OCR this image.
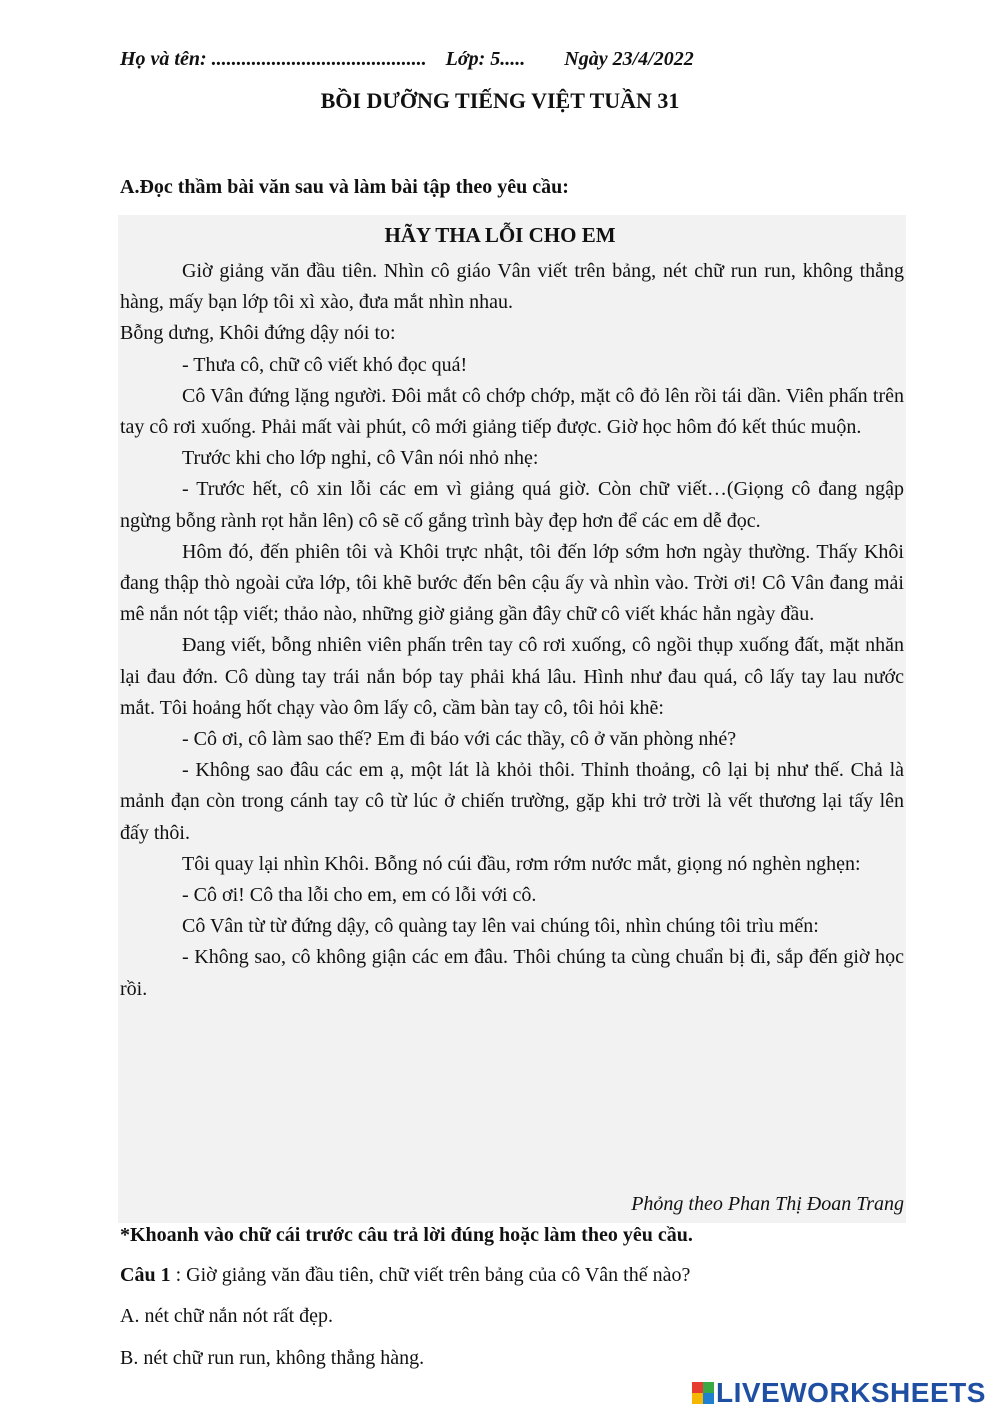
Họ và tên: ........................................... Lớp: 5..... Ngày 23/4/2022
BỒI DƯỠNG TIẾNG VIỆT TUẦN 31
A.Đọc thầm bài văn sau và làm bài tập theo yêu cầu:
HÃY THA LỖI CHO EM

Giờ giảng văn đầu tiên. Nhìn cô giáo Vân viết trên bảng, nét chữ run run, không thẳng hàng, mấy bạn lớp tôi xì xào, đưa mắt nhìn nhau.

Bỗng dưng, Khôi đứng dậy nói to:

- Thưa cô, chữ cô viết khó đọc quá!

Cô Vân đứng lặng người. Đôi mắt cô chớp chớp, mặt cô đỏ lên rồi tái dần. Viên phấn trên tay cô rơi xuống. Phải mất vài phút, cô mới giảng tiếp được. Giờ học hôm đó kết thúc muộn.

Trước khi cho lớp nghỉ, cô Vân nói nhỏ nhẹ:

- Trước hết, cô xin lỗi các em vì giảng quá giờ. Còn chữ viết…(Giọng cô đang ngập ngừng bỗng rành rọt hẳn lên) cô sẽ cố gắng trình bày đẹp hơn để các em dễ đọc.

Hôm đó, đến phiên tôi và Khôi trực nhật, tôi đến lớp sớm hơn ngày thường. Thấy Khôi đang thập thò ngoài cửa lớp, tôi khẽ bước đến bên cậu ấy và nhìn vào. Trời ơi! Cô Vân đang mải mê nắn nót tập viết; thảo nào, những giờ giảng gần đây chữ cô viết khác hẳn ngày đầu.

Đang viết, bỗng nhiên viên phấn trên tay cô rơi xuống, cô ngồi thụp xuống đất, mặt nhăn lại đau đớn. Cô dùng tay trái nắn bóp tay phải khá lâu. Hình như đau quá, cô lấy tay lau nước mắt. Tôi hoảng hốt chạy vào ôm lấy cô, cầm bàn tay cô, tôi hỏi khẽ:

- Cô ơi, cô làm sao thế? Em đi báo với các thầy, cô ở văn phòng nhé?

- Không sao đâu các em ạ, một lát là khỏi thôi. Thỉnh thoảng, cô lại bị như thế. Chả là mảnh đạn còn trong cánh tay cô từ lúc ở chiến trường, gặp khi trở trời là vết thương lại tấy lên đấy thôi.

Tôi quay lại nhìn Khôi. Bỗng nó cúi đầu, rơm rớm nước mắt, giọng nó nghèn nghẹn:

- Cô ơi! Cô tha lỗi cho em, em có lỗi với cô.

Cô Vân từ từ đứng dậy, cô quàng tay lên vai chúng tôi, nhìn chúng tôi trìu mến:

- Không sao, cô không giận các em đâu. Thôi chúng ta cùng chuẩn bị đi, sắp đến giờ học rồi.

Phỏng theo Phan Thị Đoan Trang
*Khoanh vào chữ cái trước câu trả lời đúng hoặc làm theo yêu cầu.
Câu 1 : Giờ giảng văn đầu tiên, chữ viết trên bảng của cô Vân thế nào?
A. nét chữ nắn nót rất đẹp.
B. nét chữ run run, không thẳng hàng.
LIVEWORKSHEETS
